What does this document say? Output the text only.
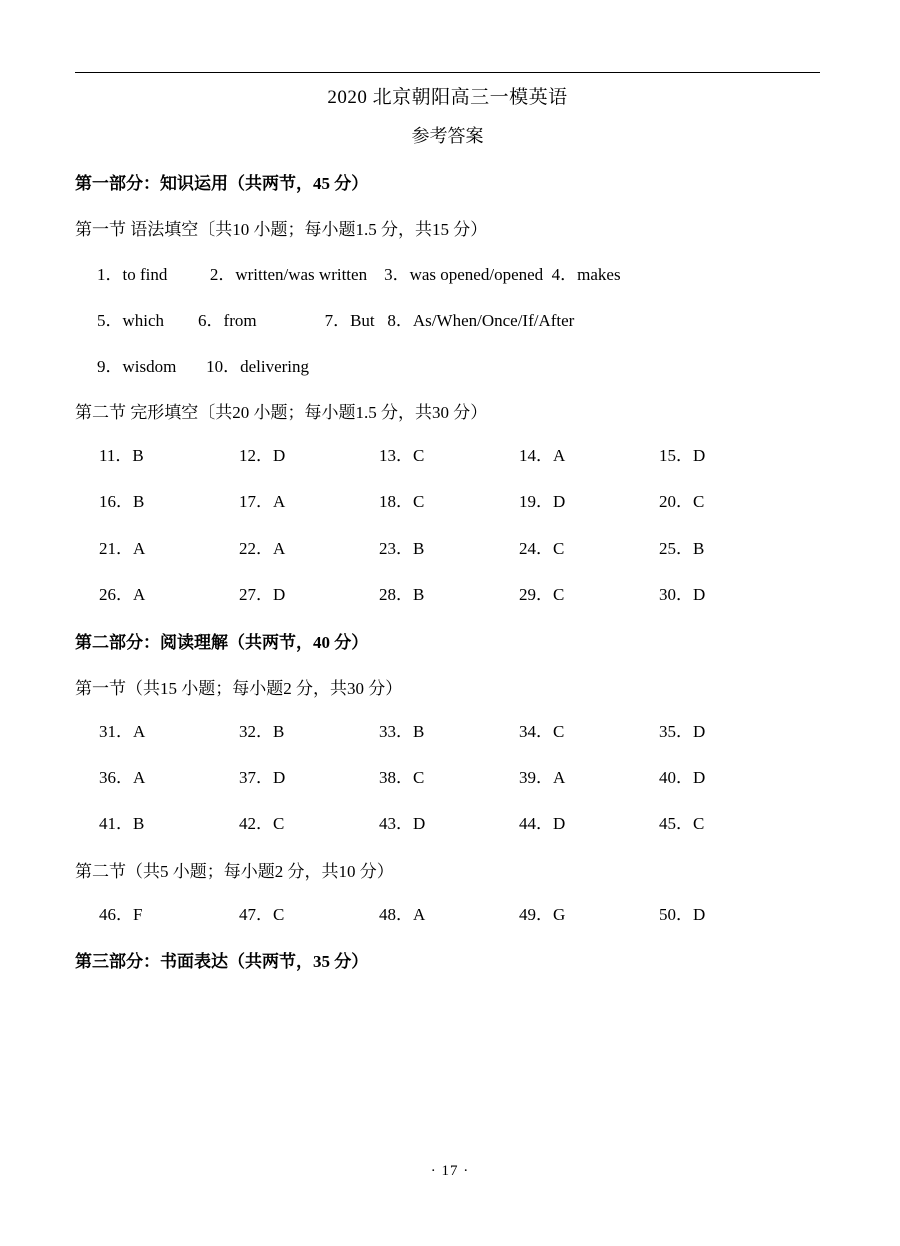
2020 北京朝阳高三一模英语
参考答案
第一部分：知识运用（共两节，45 分）
第一节 语法填空〔共10 小题；每小题1.5 分，共15 分）
1．to find          2．written/was written    3．was opened/opened  4．makes
5．which        6．from                7．But   8．As/When/Once/If/After
9．wisdom       10．delivering
第二节 完形填空〔共20 小题；每小题1.5 分，共30 分）
11．B	12．D	13．C	14．A	15．D
16．B	17．A	18．C	19．D	20．C
21．A	22．A	23．B	24．C	25．B
26．A	27．D	28．B	29．C	30．D
第二部分：阅读理解（共两节，40 分）
第一节（共15 小题；每小题2 分，共30 分）
31．A	32．B	33．B	34．C	35．D
36．A	37．D	38．C	39．A	40．D
41．B	42．C	43．D	44．D	45．C
第二节（共5 小题；每小题2 分，共10 分）
46．F	47．C	48．A	49．G	50．D
第三部分：书面表达（共两节，35 分）
· 17 ·
